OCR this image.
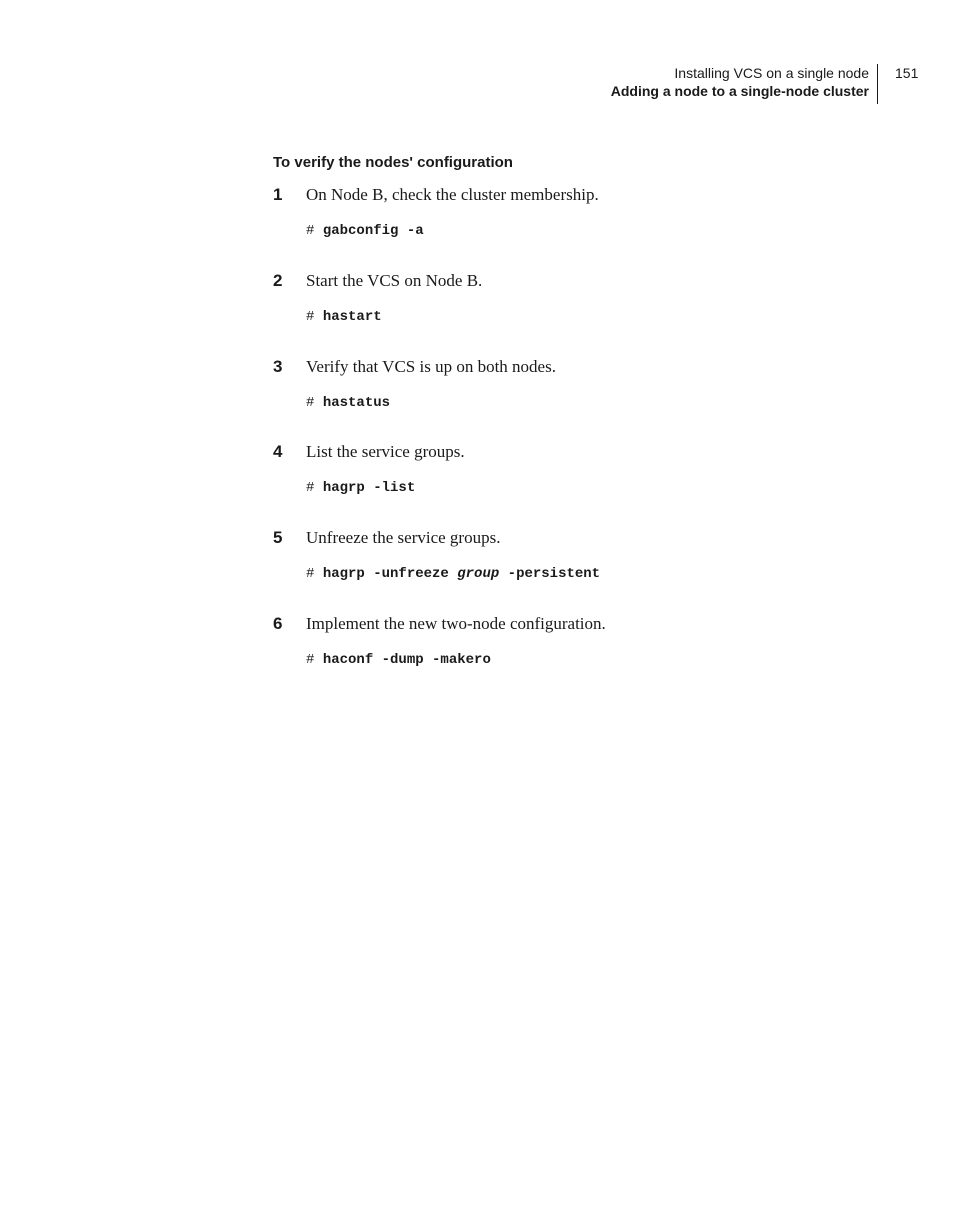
Installing VCS on a single node
Adding a node to a single-node cluster
151
To verify the nodes' configuration
1 On Node B, check the cluster membership.
# gabconfig -a
2 Start the VCS on Node B.
# hastart
3 Verify that VCS is up on both nodes.
# hastatus
4 List the service groups.
# hagrp -list
5 Unfreeze the service groups.
# hagrp -unfreeze group -persistent
6 Implement the new two-node configuration.
# haconf -dump -makero
